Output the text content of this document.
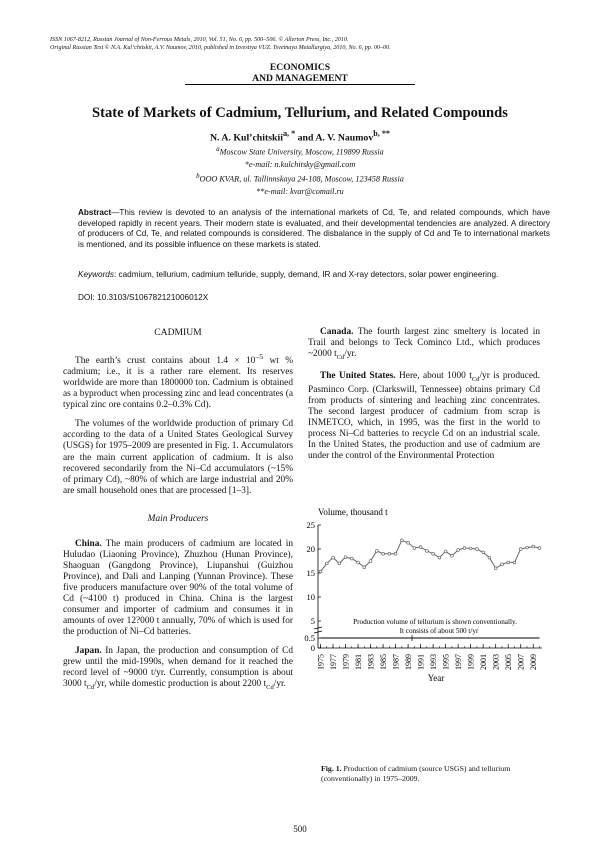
ISSN 1067-8212, Russian Journal of Non-Ferrous Metals, 2010, Vol. 51, No. 6, pp. 500–506. © Allerton Press, Inc., 2010.
Original Russian Text © N.A. Kul’chitskii, A.V. Naumov, 2010, published in Izvestiya VUZ. Tsvetnaya Metallurgiya, 2010, No. 6, pp. 00–00.
ECONOMICS
AND MANAGEMENT
State of Markets of Cadmium, Tellurium, and Related Compounds
N. A. Kul’chitskii$^{a, *}$ and A. V. Naumov$^{b, **}$
$^a$Moscow State University, Moscow, 119899 Russia
*e-mail: n.kulchitsky@gmail.com
$^b$OOO KVAR, ul. Tallinnskaya 24-108, Moscow, 123458 Russia
**e-mail: kvar@comail.ru
Abstract—This review is devoted to an analysis of the international markets of Cd, Te, and related compounds, which have developed rapidly in recent years. Their modern state is evaluated, and their developmental tendencies are analyzed. A directory of producers of Cd, Te, and related compounds is considered. The disbalance in the supply of Cd and Te to international markets is mentioned, and its possible influence on these markets is stated.
Keywords: cadmium, tellurium, cadmium telluride, supply, demand, IR and X-ray detectors, solar power engineering.
DOI: 10.3103/S106782121006012X
CADMIUM

The earth’s crust contains about $1.4 \times 10^{-5}$ wt % cadmium; i.e., it is a rather rare element. Its reserves worldwide are more than 1800000 ton. Cadmium is obtained as a byproduct when processing zinc and lead concentrates (a typical zinc ore contains 0.2–0.3% Cd).

The volumes of the worldwide production of primary Cd according to the data of a United States Geological Survey (USGS) for 1975–2009 are presented in Fig. 1. Accumulators are the main current application of cadmium. It is also recovered secondarily from the Ni–Cd accumulators (~15% of primary Cd), ~80% of which are large industrial and 20% are small household ones that are processed [1–3].

Main Producers

China. The main producers of cadmium are located in Huludao (Liaoning Province), Zhuzhou (Hunan Province), Shaoguan (Gangdong Province), Liupanshui (Guizhou Province), and Dali and Lanping (Yunnan Province). These five producers manufacture over 90% of the total volume of Cd (~4100 t) produced in China. China is the largest consumer and importer of cadmium and consumes it in amounts of over 12?000 t annually, 70% of which is used for the production of Ni–Cd batteries.

Japan. In Japan, the production and consumption of Cd grew until the mid-1990s, when demand for it reached the record level of ~9000 t/yr. Currently, consumption is about 3000 $t_{Cd}/yr$, while domestic production is about 2200 $t_{Cd}/yr$.

Canada. The fourth largest zinc smeltery is located in Trail and belongs to Teck Cominco Ltd., which produces ~2000 $t_{Cd}/yr$.

The United States. Here, about 1000 $t_{Cd}/yr$ is produced. Pasminco Corp. (Clarkswill, Tennessee) obtains primary Cd from products of sintering and leaching zinc concentrates. The second largest producer of cadmium from scrap is INMETCO, which, in 1995, was the first in the world to process Ni–Cd batteries to recycle Cd on an industrial scale. In the United States, the production and use of cadmium are under the control of the Environmental Protection

Volume, thousand t
0
0.5
5
10
15
20
25
1975 1977 1979 1981 1983 1985 1987 1989 1991 1993 1995 1997 1999 2001 2003 2005 2007 2009
Year
Production volume of tellurium is shown conventionally.
It consists of about 500 t/yr
Fig. 1. Production of cadmium (source USGS) and tellurium (conventionally) in 1975–2009.
500
